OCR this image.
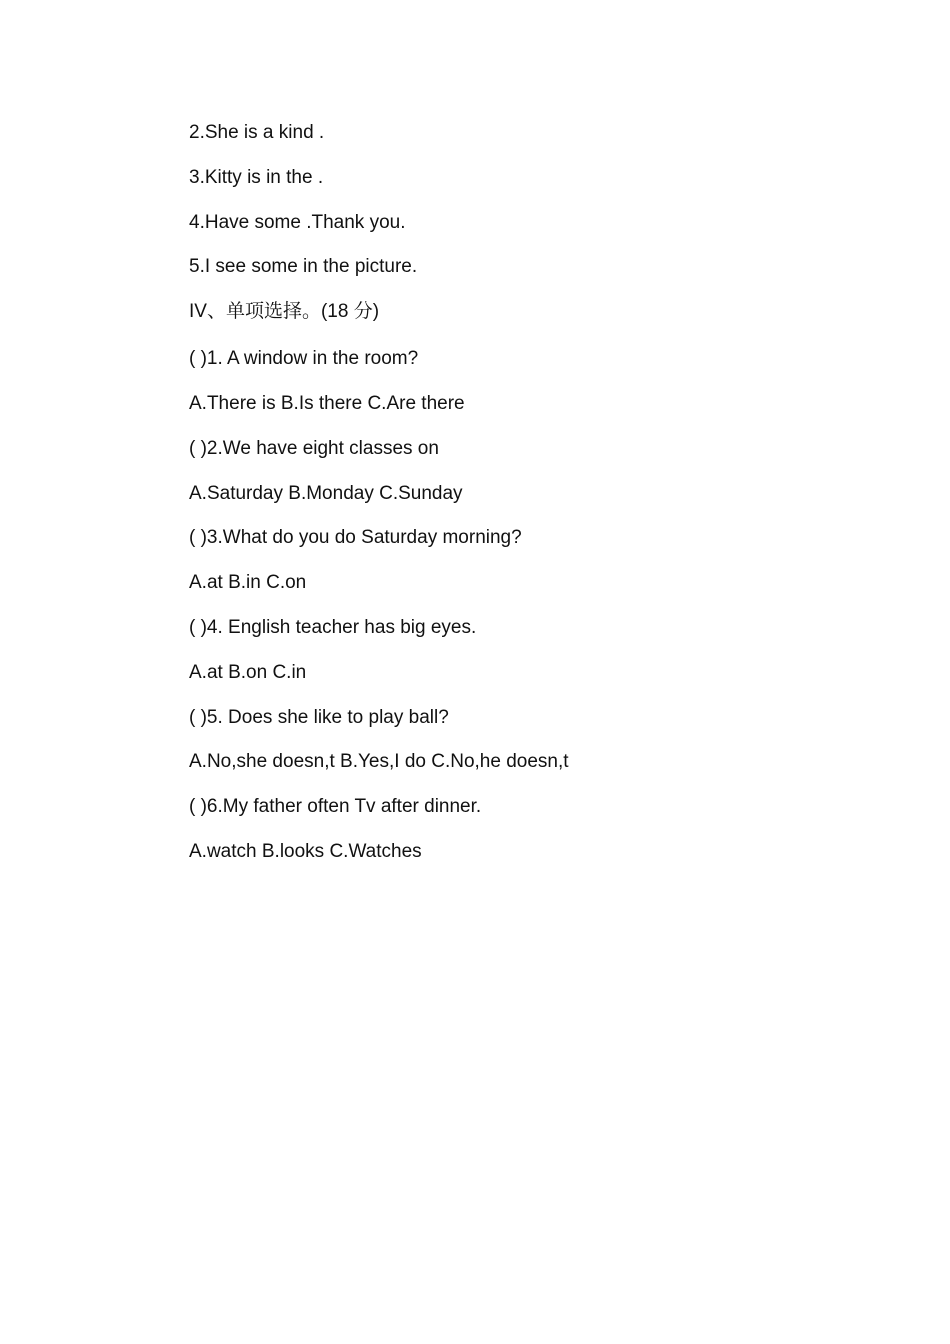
2.She is a kind .
3.Kitty is in the .
4.Have some .Thank you.
5.I see some in the picture.
IV、单项选择。(18 分)
( )1. A window in the room?
A.There is B.Is there C.Are there
( )2.We have eight classes on
A.Saturday B.Monday C.Sunday
( )3.What do you do Saturday morning?
A.at B.in C.on
( )4. English teacher has big eyes.
A.at B.on C.in
( )5. Does she like to play ball?
A.No,she doesn,t B.Yes,I do C.No,he doesn,t
( )6.My father often Tv after dinner.
A.watch B.looks C.Watches
